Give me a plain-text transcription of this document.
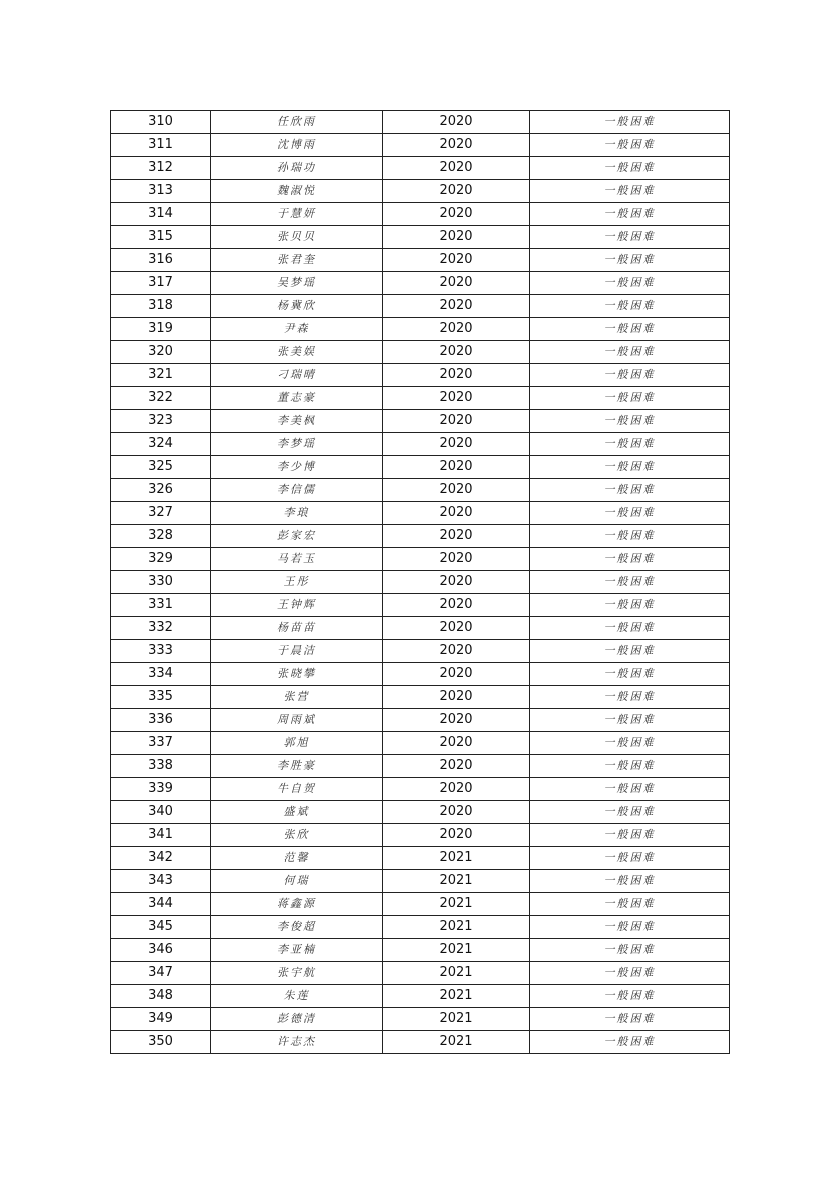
310	任欣雨	2020	一般困难
311	沈博雨	2020	一般困难
312	孙瑞功	2020	一般困难
313	魏淑悦	2020	一般困难
314	于慧妍	2020	一般困难
315	张贝贝	2020	一般困难
316	张君奎	2020	一般困难
317	吴梦瑶	2020	一般困难
318	杨冀欣	2020	一般困难
319	尹森	2020	一般困难
320	张美娱	2020	一般困难
321	刁瑞晴	2020	一般困难
322	董志豪	2020	一般困难
323	李美枫	2020	一般困难
324	李梦瑶	2020	一般困难
325	李少博	2020	一般困难
326	李信儒	2020	一般困难
327	李琅	2020	一般困难
328	彭家宏	2020	一般困难
329	马若玉	2020	一般困难
330	王彤	2020	一般困难
331	王钟辉	2020	一般困难
332	杨苗苗	2020	一般困难
333	于晨洁	2020	一般困难
334	张晓攀	2020	一般困难
335	张营	2020	一般困难
336	周雨斌	2020	一般困难
337	郭旭	2020	一般困难
338	李胜豪	2020	一般困难
339	牛自贺	2020	一般困难
340	盛斌	2020	一般困难
341	张欣	2020	一般困难
342	范馨	2021	一般困难
343	何瑞	2021	一般困难
344	蒋鑫源	2021	一般困难
345	李俊超	2021	一般困难
346	李亚楠	2021	一般困难
347	张宇航	2021	一般困难
348	朱莲	2021	一般困难
349	彭德清	2021	一般困难
350	许志杰	2021	一般困难
